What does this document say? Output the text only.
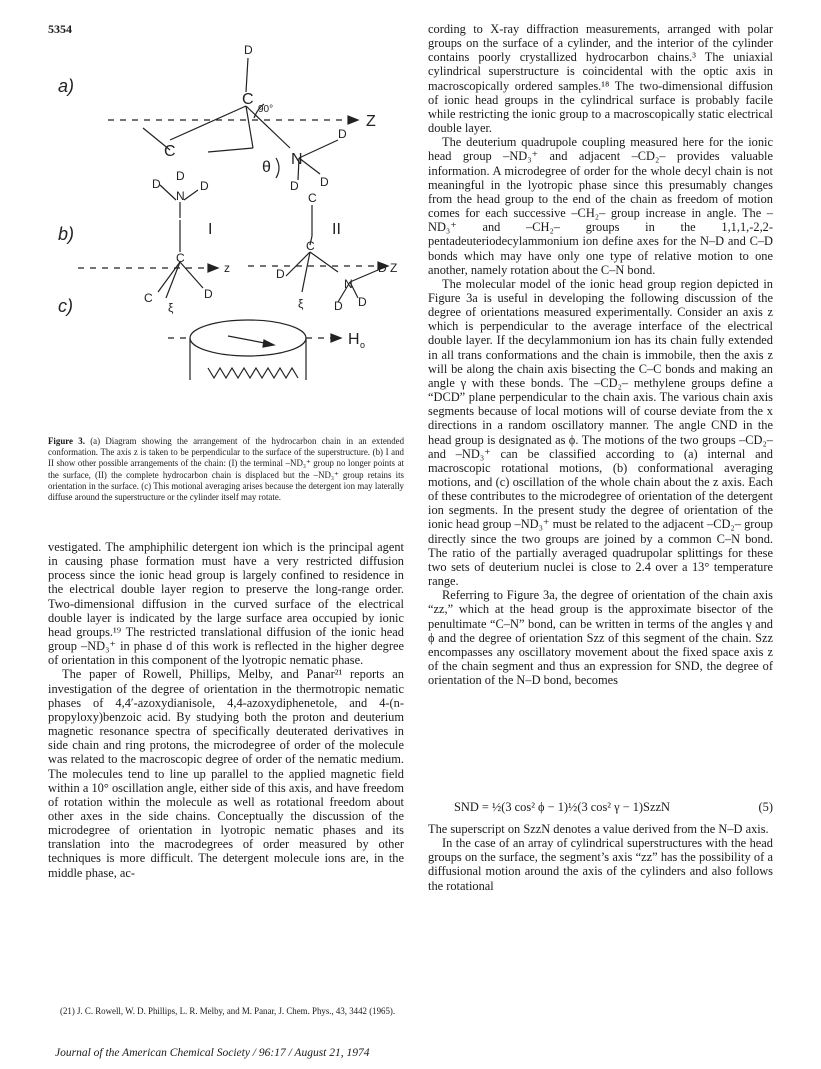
5354
a)
b)
c)
D
C
C	N
D
D
D
Z
90°
θ
D
D	D
N
I
C
C	D
ξ
z
C
II
C
D
ξ
N
D Z
D
D
H o
Figure 3. (a) Diagram showing the arrangement of the hydrocarbon chain in an extended conformation. The axis z is taken to be perpendicular to the surface of the superstructure. (b) I and II show other possible arrangements of the chain: (I) the terminal –ND₃⁺ group no longer points at the surface, (II) the complete hydrocarbon chain is displaced but the –ND₃⁺ group retains its orientation in the surface. (c) This motional averaging arises because the detergent ion may laterally diffuse around the superstructure or the cylinder itself may rotate.

vestigated. The amphiphilic detergent ion which is the principal agent in causing phase formation must have a very restricted diffusion process since the ionic head group is largely confined to residence in the electrical double layer region to preserve the long-range order. Two-dimensional diffusion in the curved surface of the electrical double layer is indicated by the large surface area occupied by ionic head groups.¹⁹ The restricted translational diffusion of the ionic head group –ND₃⁺ in phase d of this work is reflected in the higher degree of orientation in this component of the lyotropic nematic phase.

The paper of Rowell, Phillips, Melby, and Panar²¹ reports an investigation of the degree of orientation in the thermotropic nematic phases of 4,4′-azoxydianisole, 4,4-azoxydiphenetole, and 4-(n-propyloxy)benzoic acid. By studying both the proton and deuterium magnetic resonance spectra of specifically deuterated derivatives in side chain and ring protons, the microdegree of order of the molecule was related to the macroscopic degree of order of the nematic medium. The molecules tend to line up parallel to the applied magnetic field within a 10° oscillation angle, either side of this axis, and have freedom of rotation within the molecule as well as rotational freedom about other axes in the side chains. Conceptually the discussion of the microdegree of orientation in lyotropic nematic phases and its translation into the macrodegrees of order measured by other techniques is more difficult. The detergent molecule ions are, in the middle phase, ac-

(21) J. C. Rowell, W. D. Phillips, L. R. Melby, and M. Panar, J. Chem. Phys., 43, 3442 (1965).

cording to X-ray diffraction measurements, arranged with polar groups on the surface of a cylinder, and the interior of the cylinder contains poorly crystallized hydrocarbon chains.³ The uniaxial cylindrical superstructure is coincidental with the optic axis in macroscopically ordered samples.¹⁸ The two-dimensional diffusion of ionic head groups in the cylindrical surface is probably facile while restricting the ionic group to a macroscopically static electrical double layer.

The deuterium quadrupole coupling measured here for the ionic head group –ND₃⁺ and adjacent –CD₂– provides valuable information. A microdegree of order for the whole decyl chain is not meaningful in the lyotropic phase since this presumably changes from the head group to the end of the chain as freedom of motion comes for each successive –CH₂– group increase in angle. The –ND₃⁺ and –CH₂– groups in the 1,1,1,-2,2-pentadeuteriodecylammonium ion define axes for the N–D and C–D bonds which may have only one type of relative motion to one another, namely rotation about the C–N bond.

The molecular model of the ionic head group region depicted in Figure 3a is useful in developing the following discussion of the degree of orientations measured experimentally. Consider an axis z which is perpendicular to the average interface of the electrical double layer. If the decylammonium ion has its chain fully extended in all trans conformations and the chain is immobile, then the axis z will be along the chain axis bisecting the C–C bonds and making an angle γ with these bonds. The –CD₂– methylene groups define a “DCD” plane perpendicular to the chain axis. The various chain axis segments because of local motions will of course deviate from the x directions in a random oscillatory manner. The angle CND in the head group is designated as ϕ. The motions of the two groups –CD₂– and –ND₃⁺ can be classified according to (a) internal and macroscopic rotational motions, (b) conformational averaging motions, and (c) oscillation of the whole chain about the z axis. Each of these contributes to the microdegree of orientation of the detergent ion segments. In the present study the degree of orientation of the ionic head group –ND₃⁺ must be related to the adjacent –CD₂– group directly since the two groups are joined by a common C–N bond. The ratio of the partially averaged quadrupolar splittings for these two sets of deuterium nuclei is close to 2.4 over a 13° temperature range.

Referring to Figure 3a, the degree of orientation of the chain axis “zz,” which at the head group is the approximate bisector of the penultimate “C–N” bond, can be written in terms of the angles γ and ϕ and the degree of orientation Szz of this segment of the chain. Szz encompasses any oscillatory movement about the fixed space axis z of the chain segment and thus an expression for SND, the degree of orientation of the N–D bond, becomes

SND = ½(3 cos² ϕ − 1)½(3 cos² γ − 1)SzzN	(5)

The superscript on SzzN denotes a value derived from the N–D axis.

In the case of an array of cylindrical superstructures with the head groups on the surface, the segment’s axis “zz” has the possibility of a diffusional motion around the axis of the cylinders and also follows the rotational

Journal of the American Chemical Society / 96:17 / August 21, 1974
